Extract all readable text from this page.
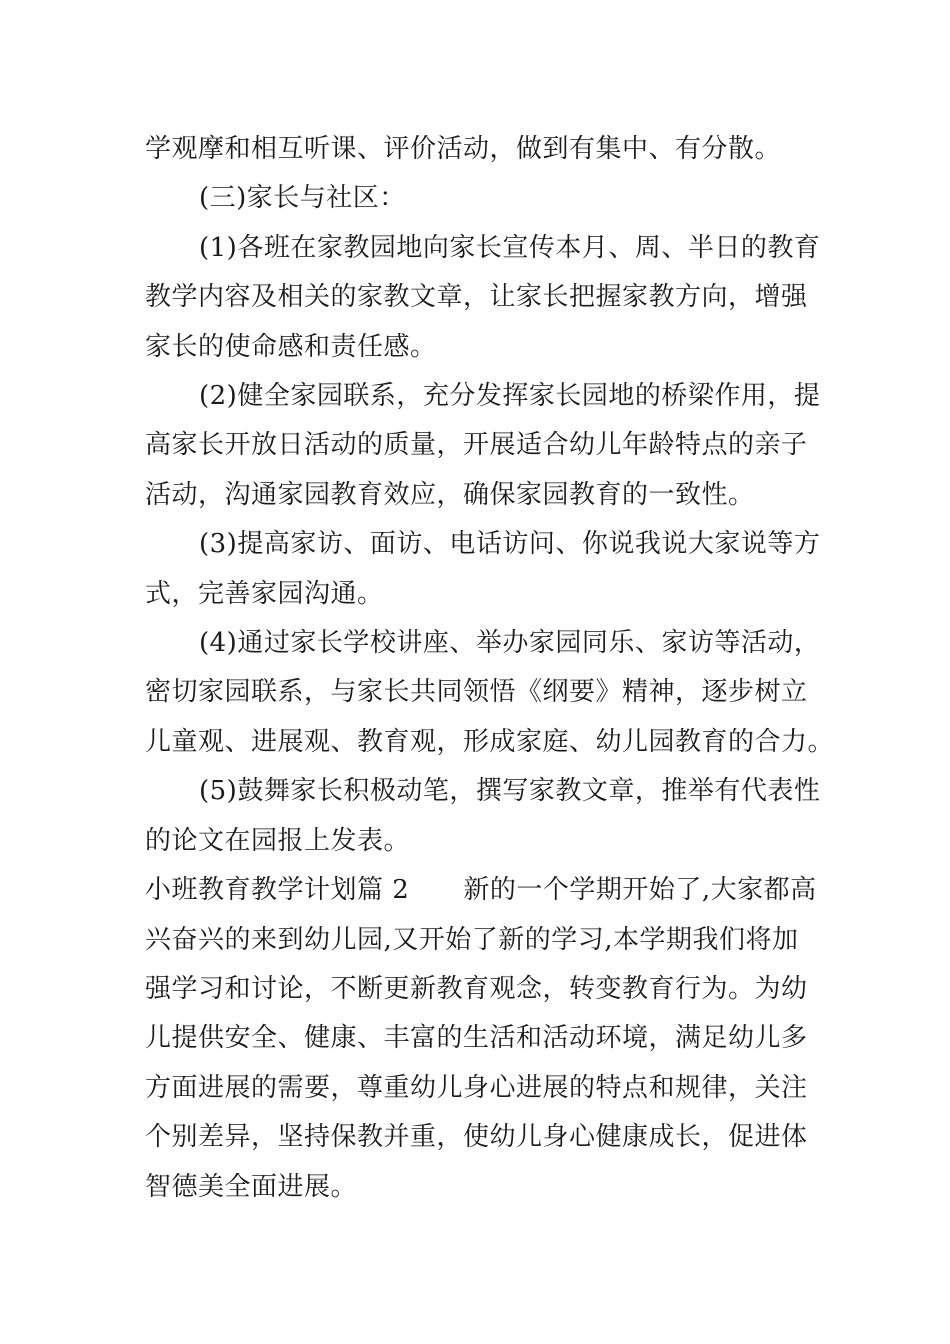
学观摩和相互听课、评价活动，做到有集中、有分散。

(三)家长与社区：

(1)各班在家教园地向家长宣传本月、周、半日的教育
教学内容及相关的家教文章，让家长把握家教方向，增强
家长的使命感和责任感。

(2)健全家园联系，充分发挥家长园地的桥梁作用，提
高家长开放日活动的质量，开展适合幼儿年龄特点的亲子
活动，沟通家园教育效应，确保家园教育的一致性。

(3)提高家访、面访、电话访问、你说我说大家说等方
式，完善家园沟通。

(4)通过家长学校讲座、举办家园同乐、家访等活动，
密切家园联系，与家长共同领悟《纲要》精神，逐步树立
儿童观、进展观、教育观，形成家庭、幼儿园教育的合力。

(5)鼓舞家长积极动笔，撰写家教文章，推举有代表性
的论文在园报上发表。

小班教育教学计划篇 2 新的一个学期开始了,大家都高
兴奋兴的来到幼儿园,又开始了新的学习,本学期我们将加
强学习和讨论，不断更新教育观念，转变教育行为。为幼
儿提供安全、健康、丰富的生活和活动环境，满足幼儿多
方面进展的需要，尊重幼儿身心进展的特点和规律，关注
个别差异，坚持保教并重，使幼儿身心健康成长，促进体
智德美全面进展。
